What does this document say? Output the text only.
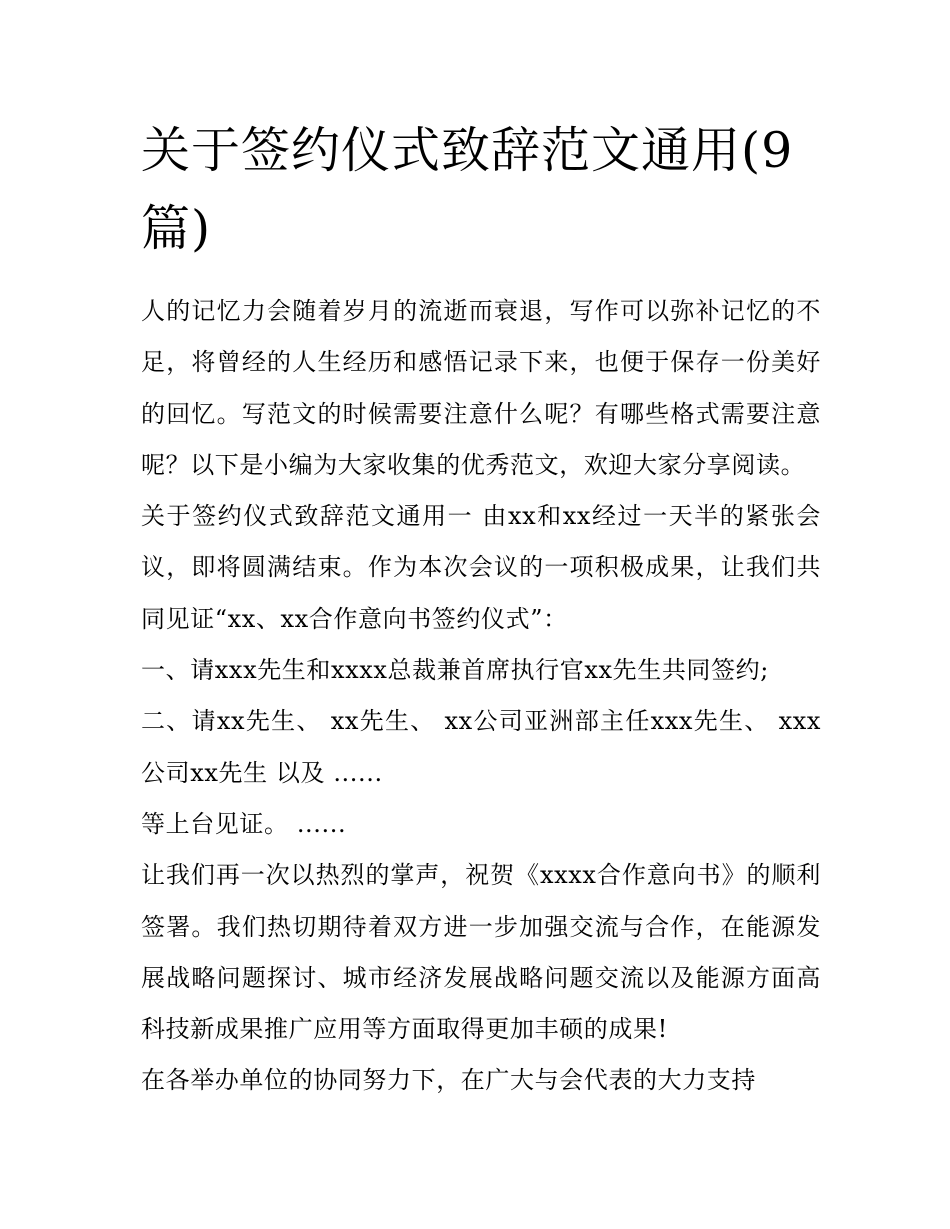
关于签约仪式致辞范文通用(9篇)

人的记忆力会随着岁月的流逝而衰退，写作可以弥补记忆的不足，将曾经的人生经历和感悟记录下来，也便于保存一份美好的回忆。写范文的时候需要注意什么呢？有哪些格式需要注意呢？以下是小编为大家收集的优秀范文，欢迎大家分享阅读。

关于签约仪式致辞范文通用一 由xx和xx经过一天半的紧张会议，即将圆满结束。作为本次会议的一项积极成果，让我们共同见证“xx、xx合作意向书签约仪式”：

一、请xxx先生和xxxx总裁兼首席执行官xx先生共同签约;

二、请xx先生、 xx先生、 xx公司亚洲部主任xxx先生、 xxx公司xx先生 以及 ......

等上台见证。 ......

让我们再一次以热烈的掌声，祝贺《xxxx合作意向书》的顺利签署。我们热切期待着双方进一步加强交流与合作，在能源发展战略问题探讨、城市经济发展战略问题交流以及能源方面高科技新成果推广应用等方面取得更加丰硕的成果!

在各举办单位的协同努力下，在广大与会代表的大力支持
